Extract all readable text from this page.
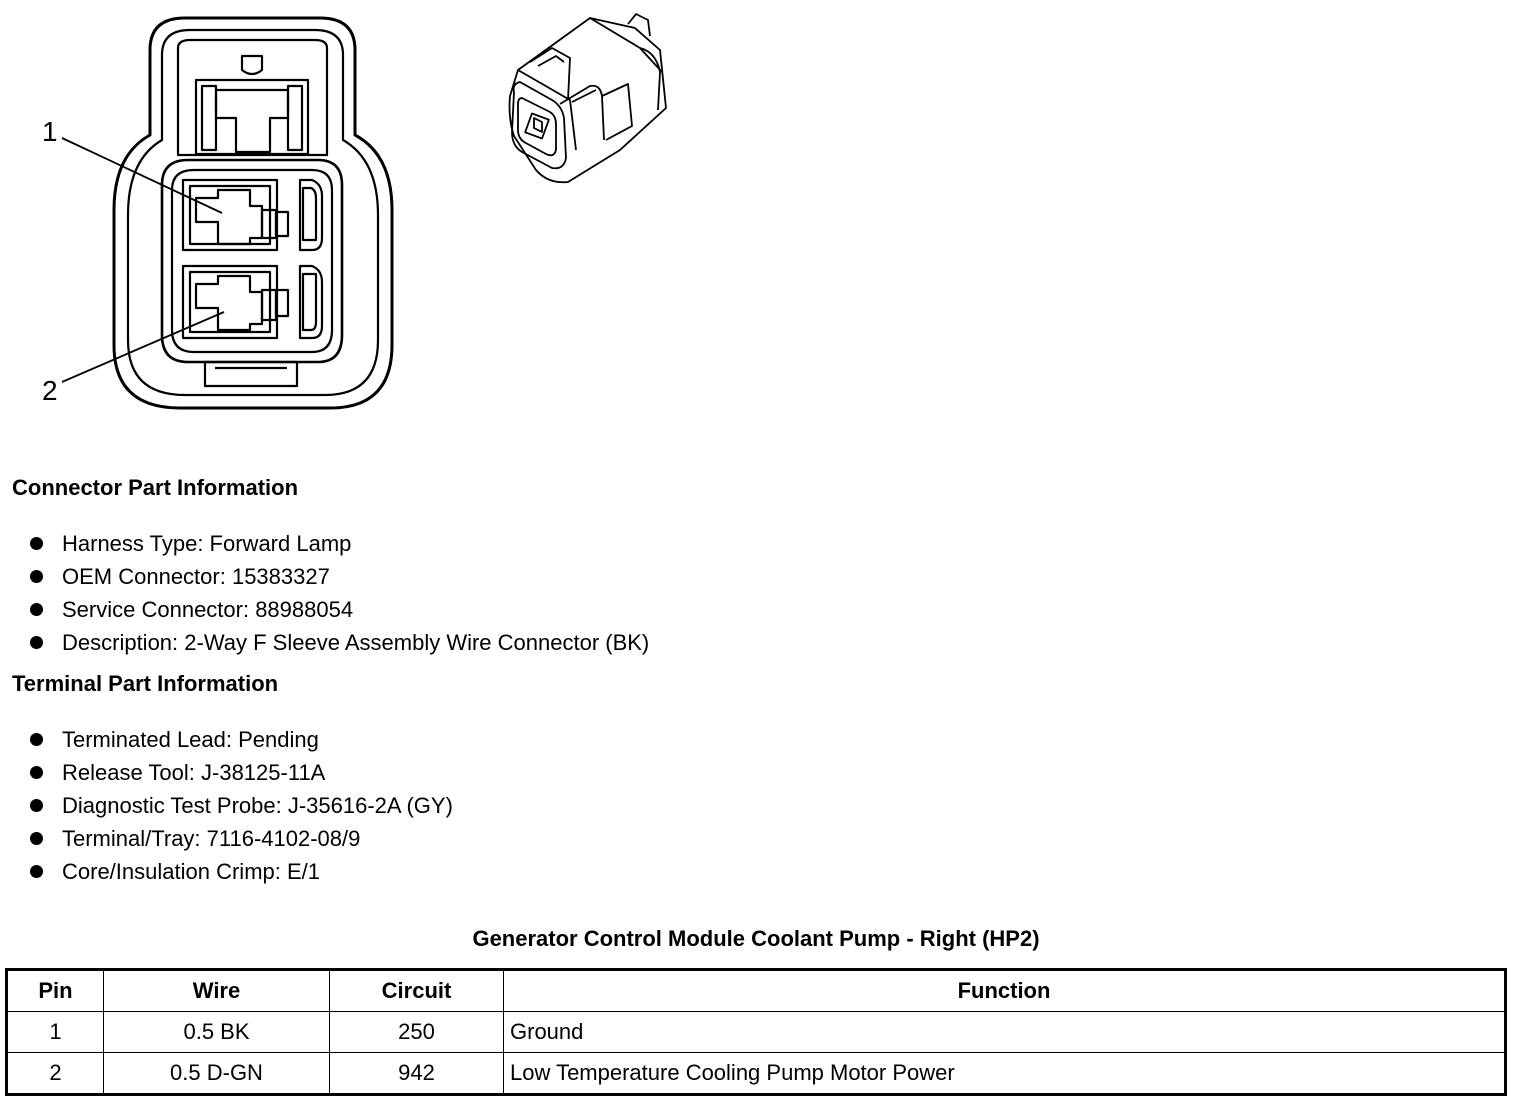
1
2
Connector Part Information
Harness Type: Forward Lamp
OEM Connector: 15383327
Service Connector: 88988054
Description: 2-Way F Sleeve Assembly Wire Connector (BK)
Terminal Part Information
Terminated Lead: Pending
Release Tool: J-38125-11A
Diagnostic Test Probe: J-35616-2A (GY)
Terminal/Tray: 7116-4102-08/9
Core/Insulation Crimp: E/1
Generator Control Module Coolant Pump - Right (HP2)
Pin	Wire	Circuit	Function
1	0.5 BK	250	Ground
2	0.5 D-GN	942	Low Temperature Cooling Pump Motor Power
